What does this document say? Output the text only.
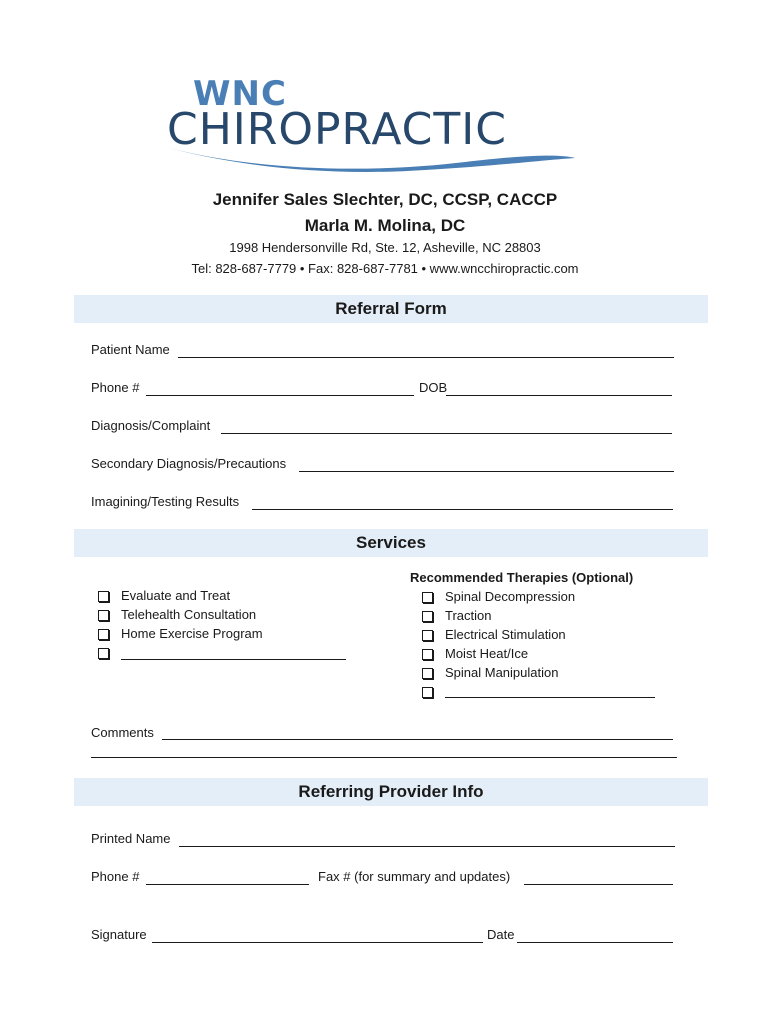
WNC
CHIROPRACTIC
Jennifer Sales Slechter, DC, CCSP, CACCP
Marla M. Molina, DC
1998 Hendersonville Rd, Ste. 12, Asheville, NC 28803
Tel: 828-687-7779 • Fax: 828-687-7781 • www.wncchiropractic.com
Referral Form
Patient Name
Phone #	DOB
Diagnosis/Complaint
Secondary Diagnosis/Precautions
Imagining/Testing Results
Services
Evaluate and Treat
Telehealth Consultation
Home Exercise Program
Recommended Therapies (Optional)
Spinal Decompression
Traction
Electrical Stimulation
Moist Heat/Ice
Spinal Manipulation
Comments
Referring Provider Info
Printed Name
Phone #	Fax # (for summary and updates)
Signature	Date
